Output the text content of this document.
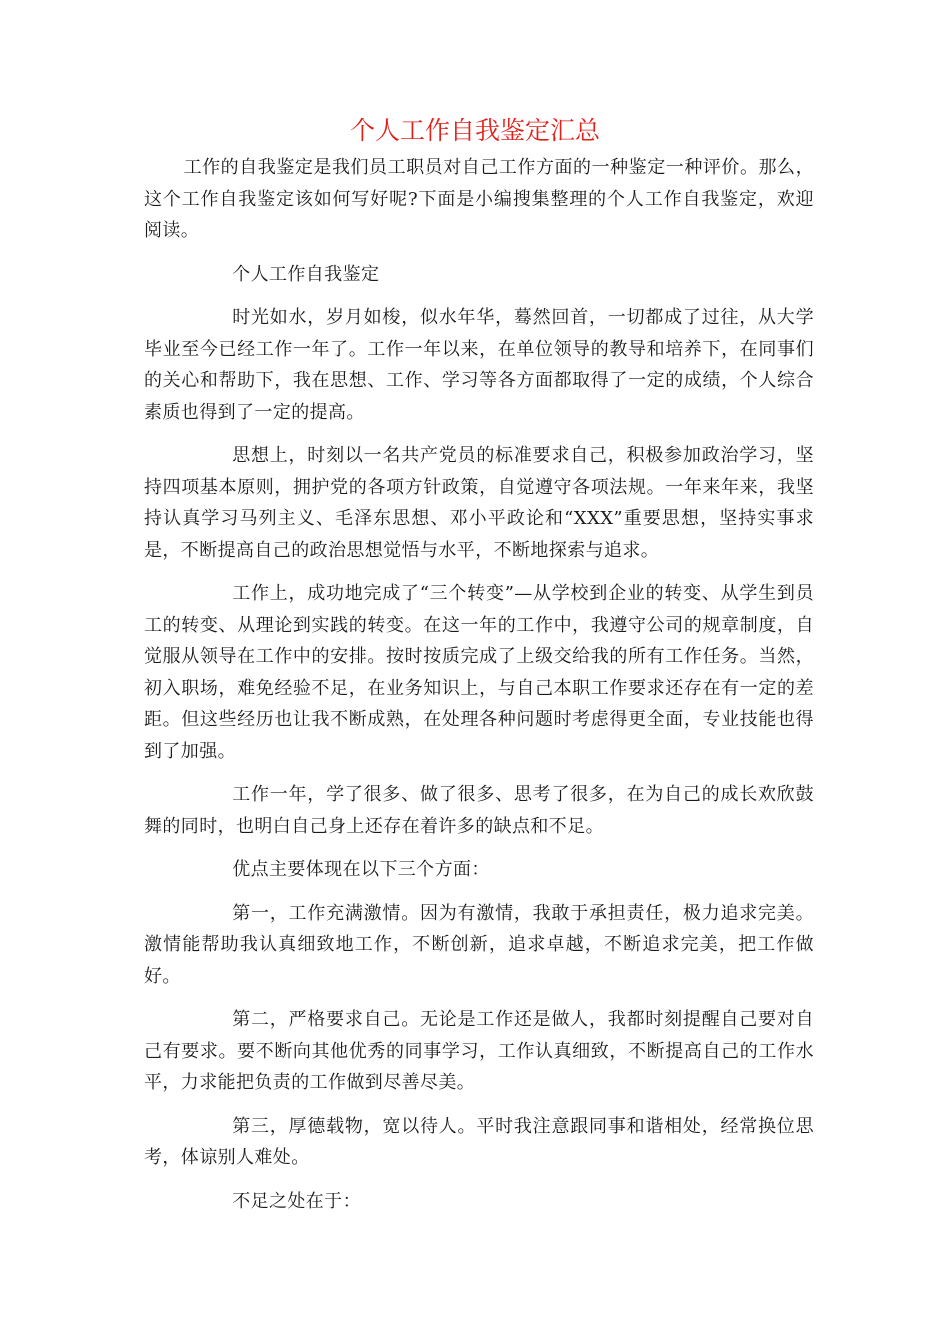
个人工作自我鉴定汇总

工作的自我鉴定是我们员工职员对自己工作方面的一种鉴定一种评价。那么，这个工作自我鉴定该如何写好呢?下面是小编搜集整理的个人工作自我鉴定，欢迎阅读。

个人工作自我鉴定

时光如水，岁月如梭，似水年华，蓦然回首，一切都成了过往，从大学毕业至今已经工作一年了。工作一年以来，在单位领导的教导和培养下，在同事们的关心和帮助下，我在思想、工作、学习等各方面都取得了一定的成绩，个人综合素质也得到了一定的提高。

思想上，时刻以一名共产党员的标准要求自己，积极参加政治学习，坚持四项基本原则，拥护党的各项方针政策，自觉遵守各项法规。一年来年来，我坚持认真学习马列主义、毛泽东思想、邓小平政论和“XXX”重要思想，坚持实事求是，不断提高自己的政治思想觉悟与水平，不断地探索与追求。

工作上，成功地完成了“三个转变”—从学校到企业的转变、从学生到员工的转变、从理论到实践的转变。在这一年的工作中，我遵守公司的规章制度，自觉服从领导在工作中的安排。按时按质完成了上级交给我的所有工作任务。当然，初入职场，难免经验不足，在业务知识上，与自己本职工作要求还存在有一定的差距。但这些经历也让我不断成熟，在处理各种问题时考虑得更全面，专业技能也得到了加强。

工作一年，学了很多、做了很多、思考了很多，在为自己的成长欢欣鼓舞的同时，也明白自己身上还存在着许多的缺点和不足。

优点主要体现在以下三个方面：

第一，工作充满激情。因为有激情，我敢于承担责任，极力追求完美。激情能帮助我认真细致地工作，不断创新，追求卓越，不断追求完美，把工作做好。

第二，严格要求自己。无论是工作还是做人，我都时刻提醒自己要对自己有要求。要不断向其他优秀的同事学习，工作认真细致，不断提高自己的工作水平，力求能把负责的工作做到尽善尽美。

第三，厚德载物，宽以待人。平时我注意跟同事和谐相处，经常换位思考，体谅别人难处。

不足之处在于：
